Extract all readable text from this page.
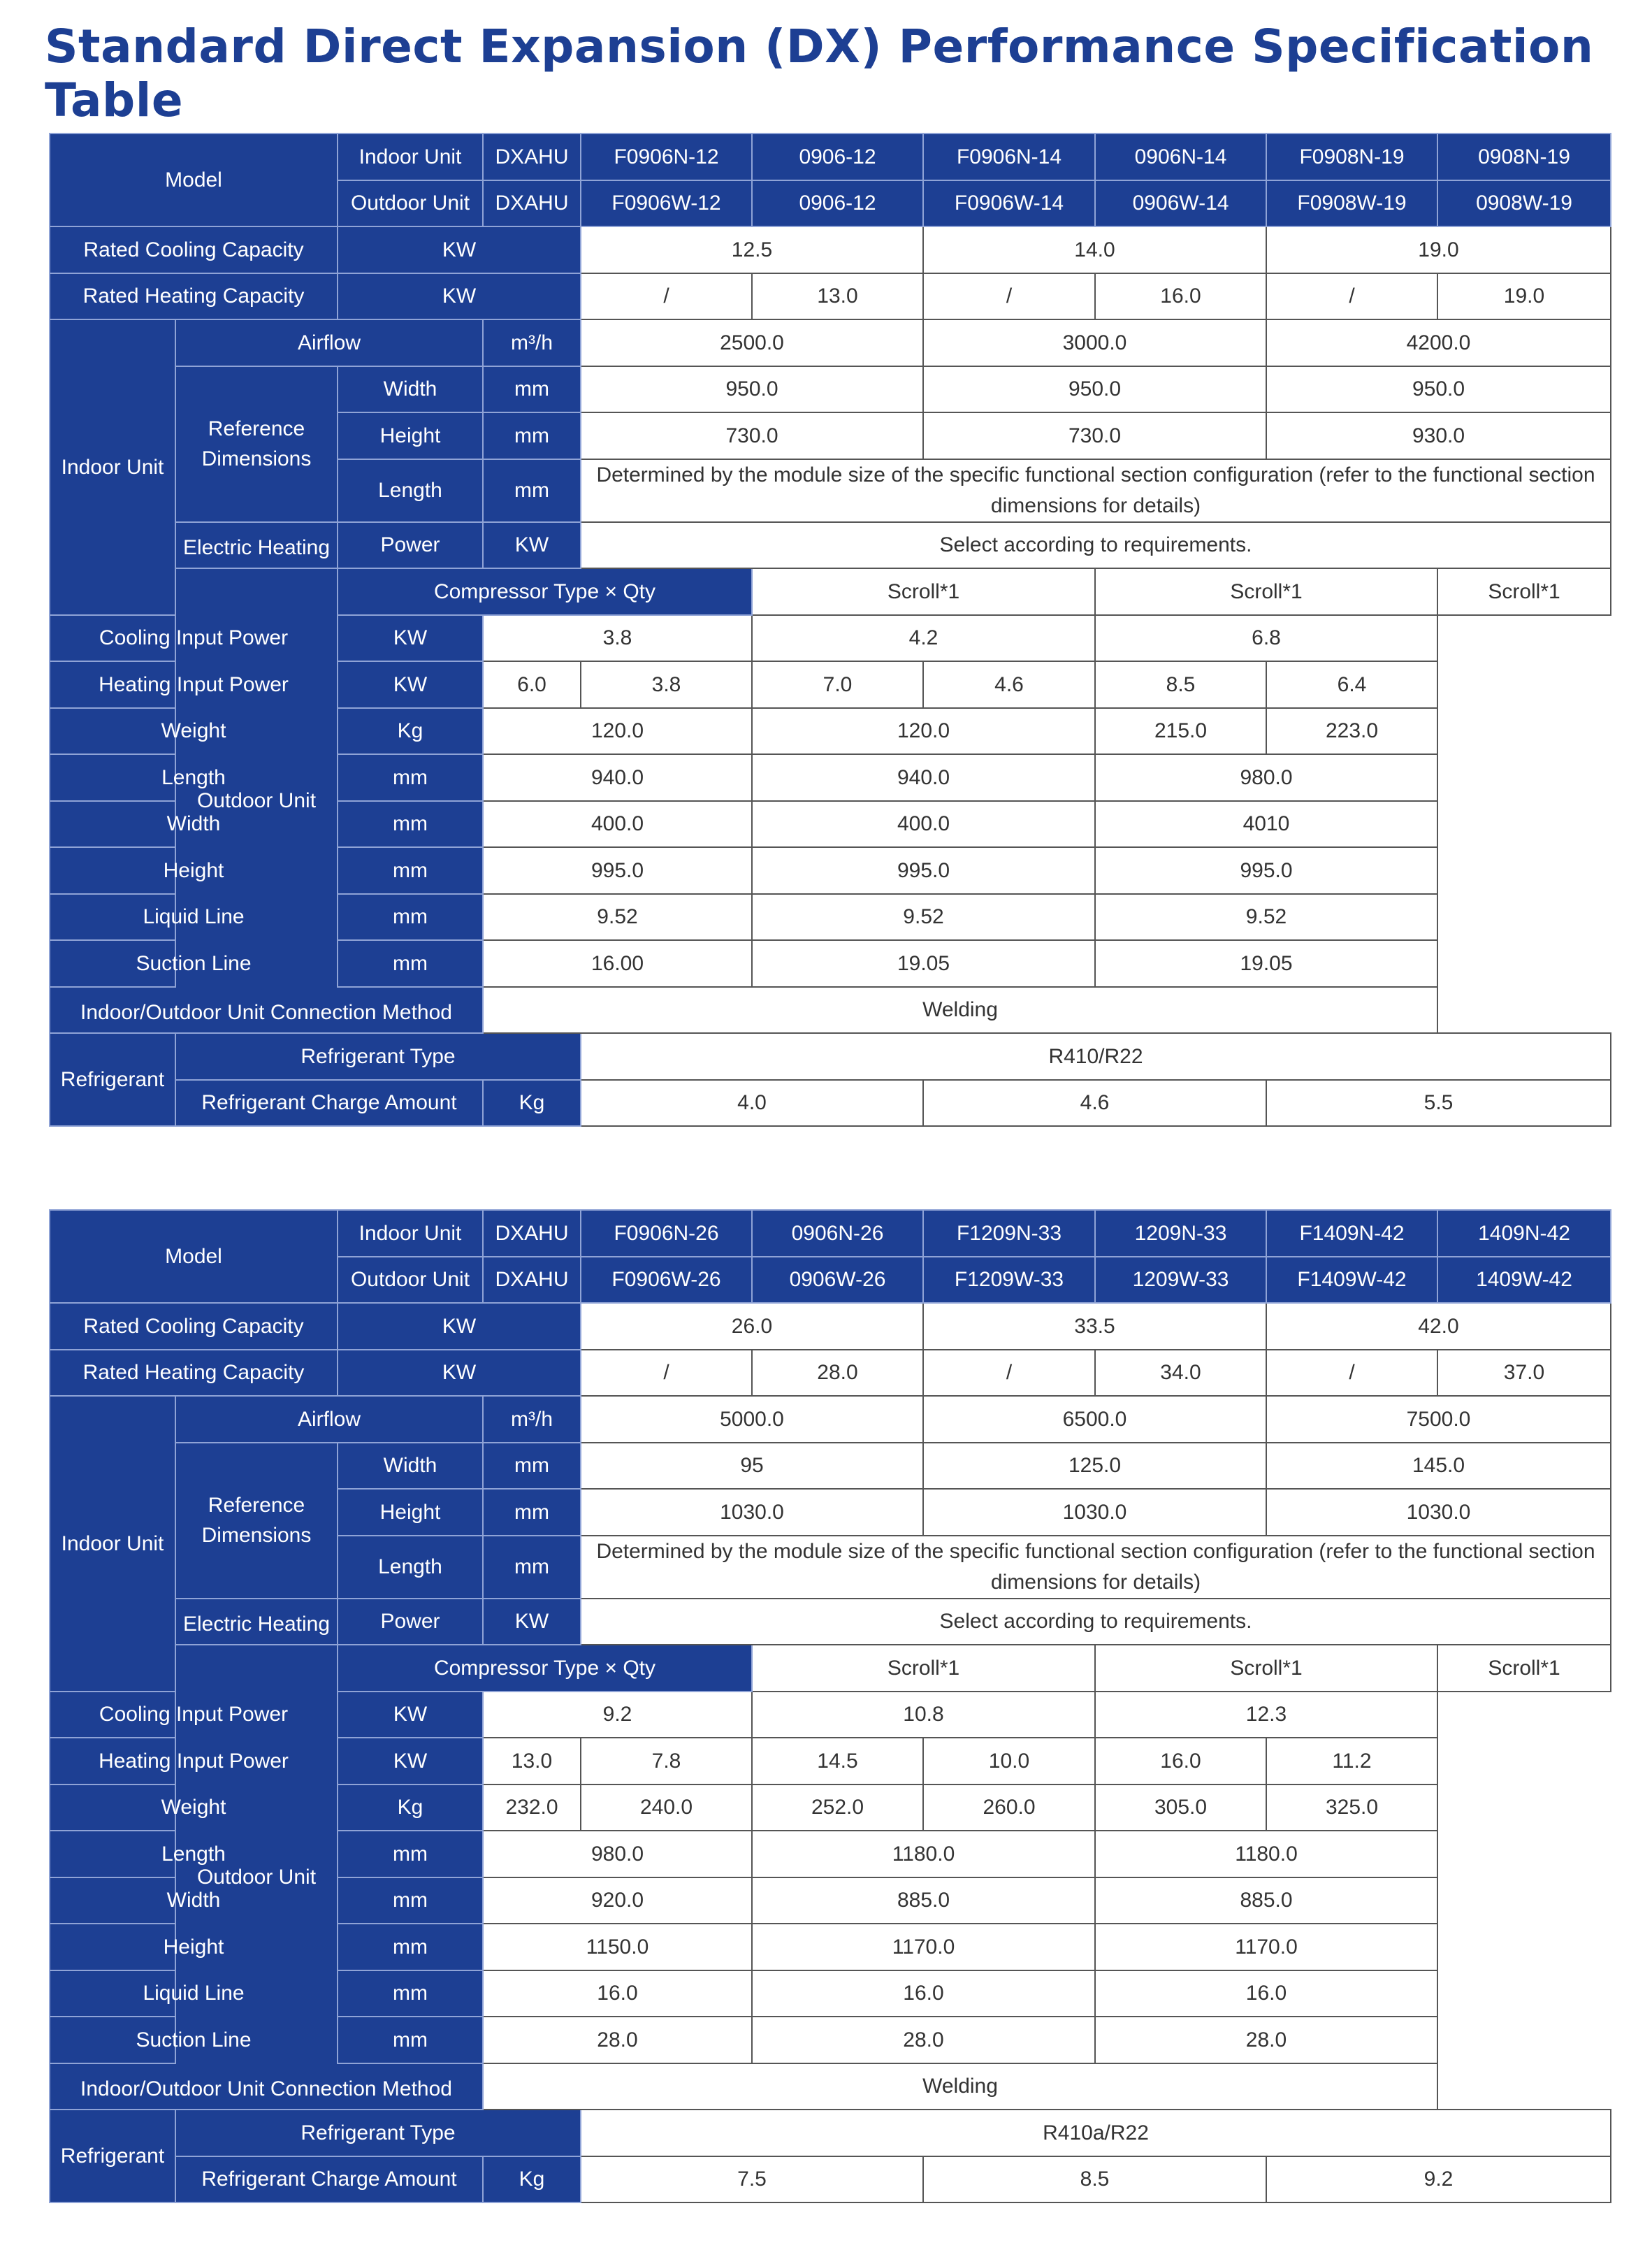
Standard Direct Expansion (DX) Performance Specification Table
Model		Indoor Unit	DXAHU	F0906N-12	0906-12	F0906N-14	0906N-14	F0908N-19	0908N-19
		Outdoor Unit	DXAHU	F0906W-12	0906-12	F0906W-14	0906W-14	F0908W-19	0908W-19
Rated Cooling Capacity		KW		12.5		14.0		19.0	
Rated Heating Capacity		KW		/	13.0	/	16.0	/	19.0
Indoor Unit	Airflow		m³/h	2500.0		3000.0		4200.0	
	Reference Dimensions	Width	mm	950.0		950.0		950.0	
		Height	mm	730.0		730.0		930.0	
		Length	mm	Determined by the module size of the specific functional section configuration (refer to the functional section dimensions for details)					

	Electric Heating	Power	KW	Select according to requirements.					
	Outdoor Unit	Compressor Type × Qty			Scroll*1		Scroll*1		Scroll*1
Cooling Input Power		KW	3.8		4.2		6.8		
Heating Input Power		KW	6.0	3.8	7.0	4.6	8.5	6.4	
Weight		Kg	120.0		120.0		215.0	223.0	
Length		mm	940.0		940.0		980.0		
Width		mm	400.0		400.0		4010		
Height		mm	995.0		995.0		995.0		
Liquid Line		mm	9.52		9.52		9.52		
Suction Line		mm	16.00		19.05		19.05		

Indoor/Outdoor Unit Connection Method			Welding						
Refrigerant	Refrigerant Type			R410/R22					
	Refrigerant Charge Amount		Kg	4.0		4.6		5.5	
Model		Indoor Unit	DXAHU	F0906N-26	0906N-26	F1209N-33	1209N-33	F1409N-42	1409N-42
		Outdoor Unit	DXAHU	F0906W-26	0906W-26	F1209W-33	1209W-33	F1409W-42	1409W-42
Rated Cooling Capacity		KW		26.0		33.5		42.0	
Rated Heating Capacity		KW		/	28.0	/	34.0	/	37.0
Indoor Unit	Airflow		m³/h	5000.0		6500.0		7500.0	
	Reference Dimensions	Width	mm	95		125.0		145.0	
		Height	mm	1030.0		1030.0		1030.0	
		Length	mm	Determined by the module size of the specific functional section configuration (refer to the functional section dimensions for details)					

	Electric Heating	Power	KW	Select according to requirements.					
	Outdoor Unit	Compressor Type × Qty			Scroll*1		Scroll*1		Scroll*1
Cooling Input Power		KW	9.2		10.8		12.3		
Heating Input Power		KW	13.0	7.8	14.5	10.0	16.0	11.2	
Weight		Kg	232.0	240.0	252.0	260.0	305.0	325.0	
Length		mm	980.0		1180.0		1180.0		
Width		mm	920.0		885.0		885.0		
Height		mm	1150.0		1170.0		1170.0		
Liquid Line		mm	16.0		16.0		16.0		
Suction Line		mm	28.0		28.0		28.0		

Indoor/Outdoor Unit Connection Method			Welding						
Refrigerant	Refrigerant Type			R410a/R22					
	Refrigerant Charge Amount		Kg	7.5		8.5		9.2	
